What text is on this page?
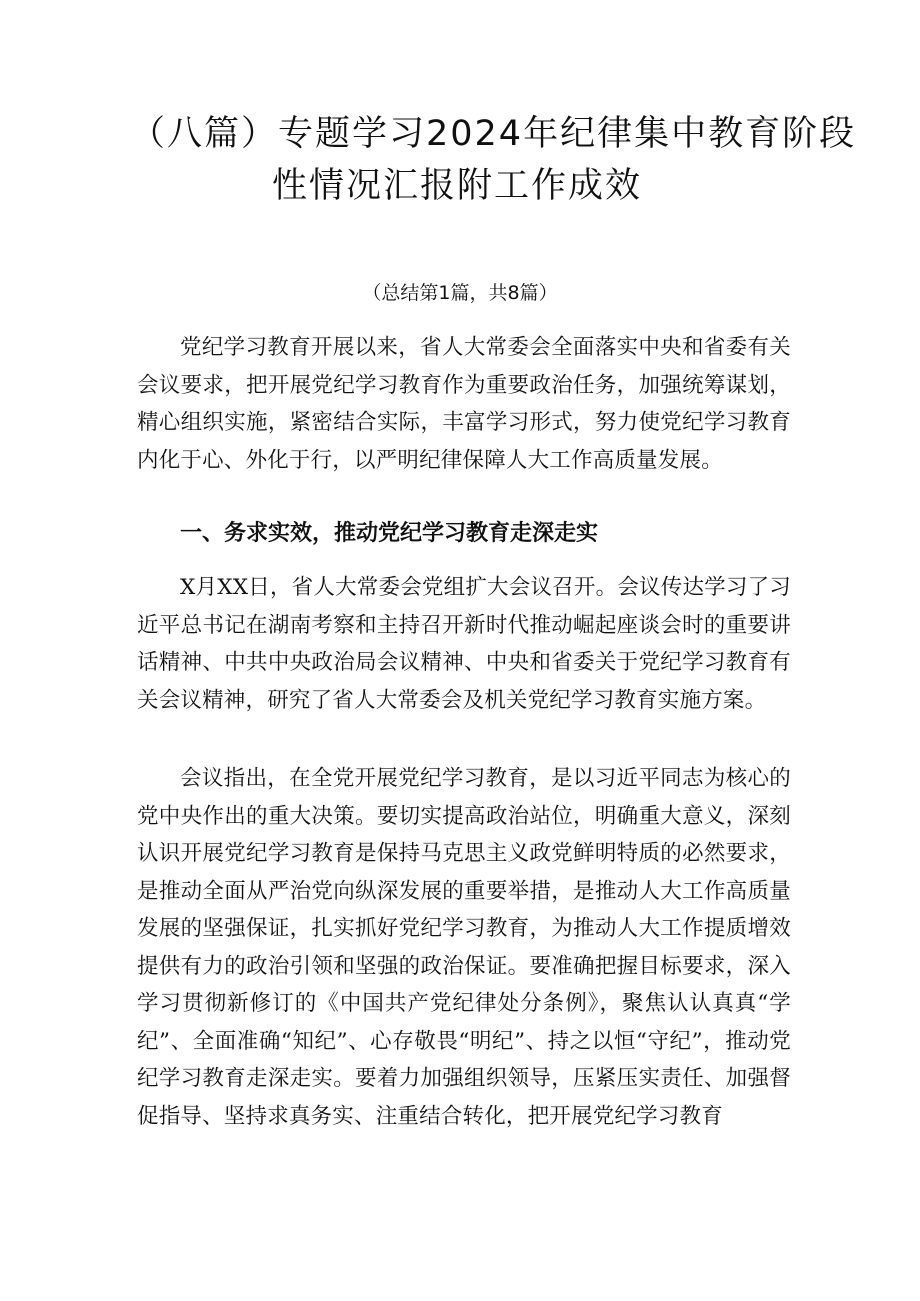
（八篇）专题学习2024年纪律集中教育阶段
性情况汇报附工作成效

（总结第1篇，共8篇）

党纪学习教育开展以来，省人大常委会全面落实中央和省委有关会议要求，把开展党纪学习教育作为重要政治任务，加强统筹谋划，精心组织实施，紧密结合实际，丰富学习形式，努力使党纪学习教育内化于心、外化于行，以严明纪律保障人大工作高质量发展。

一、务求实效，推动党纪学习教育走深走实

X月XX日，省人大常委会党组扩大会议召开。会议传达学习了习近平总书记在湖南考察和主持召开新时代推动崛起座谈会时的重要讲话精神、中共中央政治局会议精神、中央和省委关于党纪学习教育有关会议精神，研究了省人大常委会及机关党纪学习教育实施方案。

会议指出，在全党开展党纪学习教育，是以习近平同志为核心的党中央作出的重大决策。要切实提高政治站位，明确重大意义，深刻认识开展党纪学习教育是保持马克思主义政党鲜明特质的必然要求，是推动全面从严治党向纵深发展的重要举措，是推动人大工作高质量发展的坚强保证，扎实抓好党纪学习教育，为推动人大工作提质增效提供有力的政治引领和坚强的政治保证。要准确把握目标要求，深入学习贯彻新修订的《中国共产党纪律处分条例》，聚焦认认真真“学纪”、全面准确“知纪”、心存敬畏“明纪”、持之以恒“守纪”，推动党纪学习教育走深走实。要着力加强组织领导，压紧压实责任、加强督促指导、坚持求真务实、注重结合转化，把开展党纪学习教育
